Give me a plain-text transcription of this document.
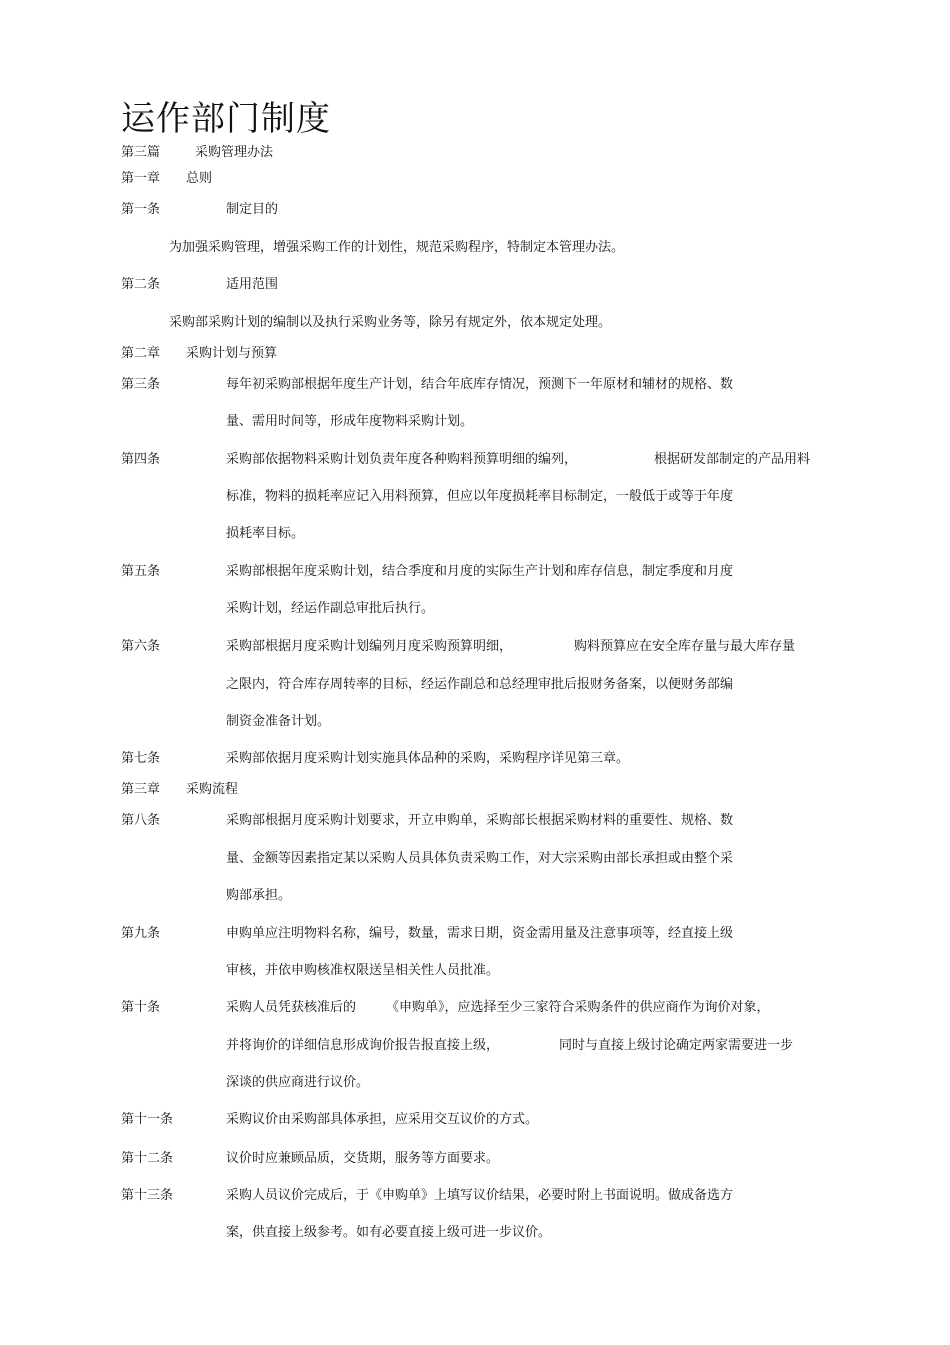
运作部门制度
第三篇	采购管理办法
第一章 总则
第一条	制定目的
为加强采购管理，增强采购工作的计划性，规范采购程序，特制定本管理办法。
第二条	适用范围
采购部采购计划的编制以及执行采购业务等，除另有规定外，依本规定处理。
第二章 采购计划与预算
第三条	每年初采购部根据年度生产计划，结合年底库存情况，预测下一年原材和辅材的规格、数
量、需用时间等，形成年度物料采购计划。
第四条	采购部依据物料采购计划负责年度各种购料预算明细的编列，	根据研发部制定的产品用料
标准，物料的损耗率应记入用料预算，但应以年度损耗率目标制定，一般低于或等于年度
损耗率目标。
第五条	采购部根据年度采购计划，结合季度和月度的实际生产计划和库存信息，制定季度和月度
采购计划，经运作副总审批后执行。
第六条	采购部根据月度采购计划编列月度采购预算明细，	购料预算应在安全库存量与最大库存量
之限内，符合库存周转率的目标，经运作副总和总经理审批后报财务备案，以便财务部编
制资金准备计划。
第七条	采购部依据月度采购计划实施具体品种的采购，采购程序详见第三章。
第三章 采购流程
第八条	采购部根据月度采购计划要求，开立申购单，采购部长根据采购材料的重要性、规格、数
量、金额等因素指定某以采购人员具体负责采购工作，对大宗采购由部长承担或由整个采
购部承担。
第九条	申购单应注明物料名称，编号，数量，需求日期，资金需用量及注意事项等，经直接上级
审核，并依申购核准权限送呈相关性人员批准。
第十条	采购人员凭获核准后的 《申购单》，应选择至少三家符合采购条件的供应商作为询价对象，
并将询价的详细信息形成询价报告报直接上级，	同时与直接上级讨论确定两家需要进一步
深谈的供应商进行议价。
第十一条	采购议价由采购部具体承担，应采用交互议价的方式。
第十二条	议价时应兼顾品质，交货期，服务等方面要求。
第十三条	采购人员议价完成后，于《申购单》上填写议价结果，必要时附上书面说明。做成备选方
案，供直接上级参考。如有必要直接上级可进一步议价。
